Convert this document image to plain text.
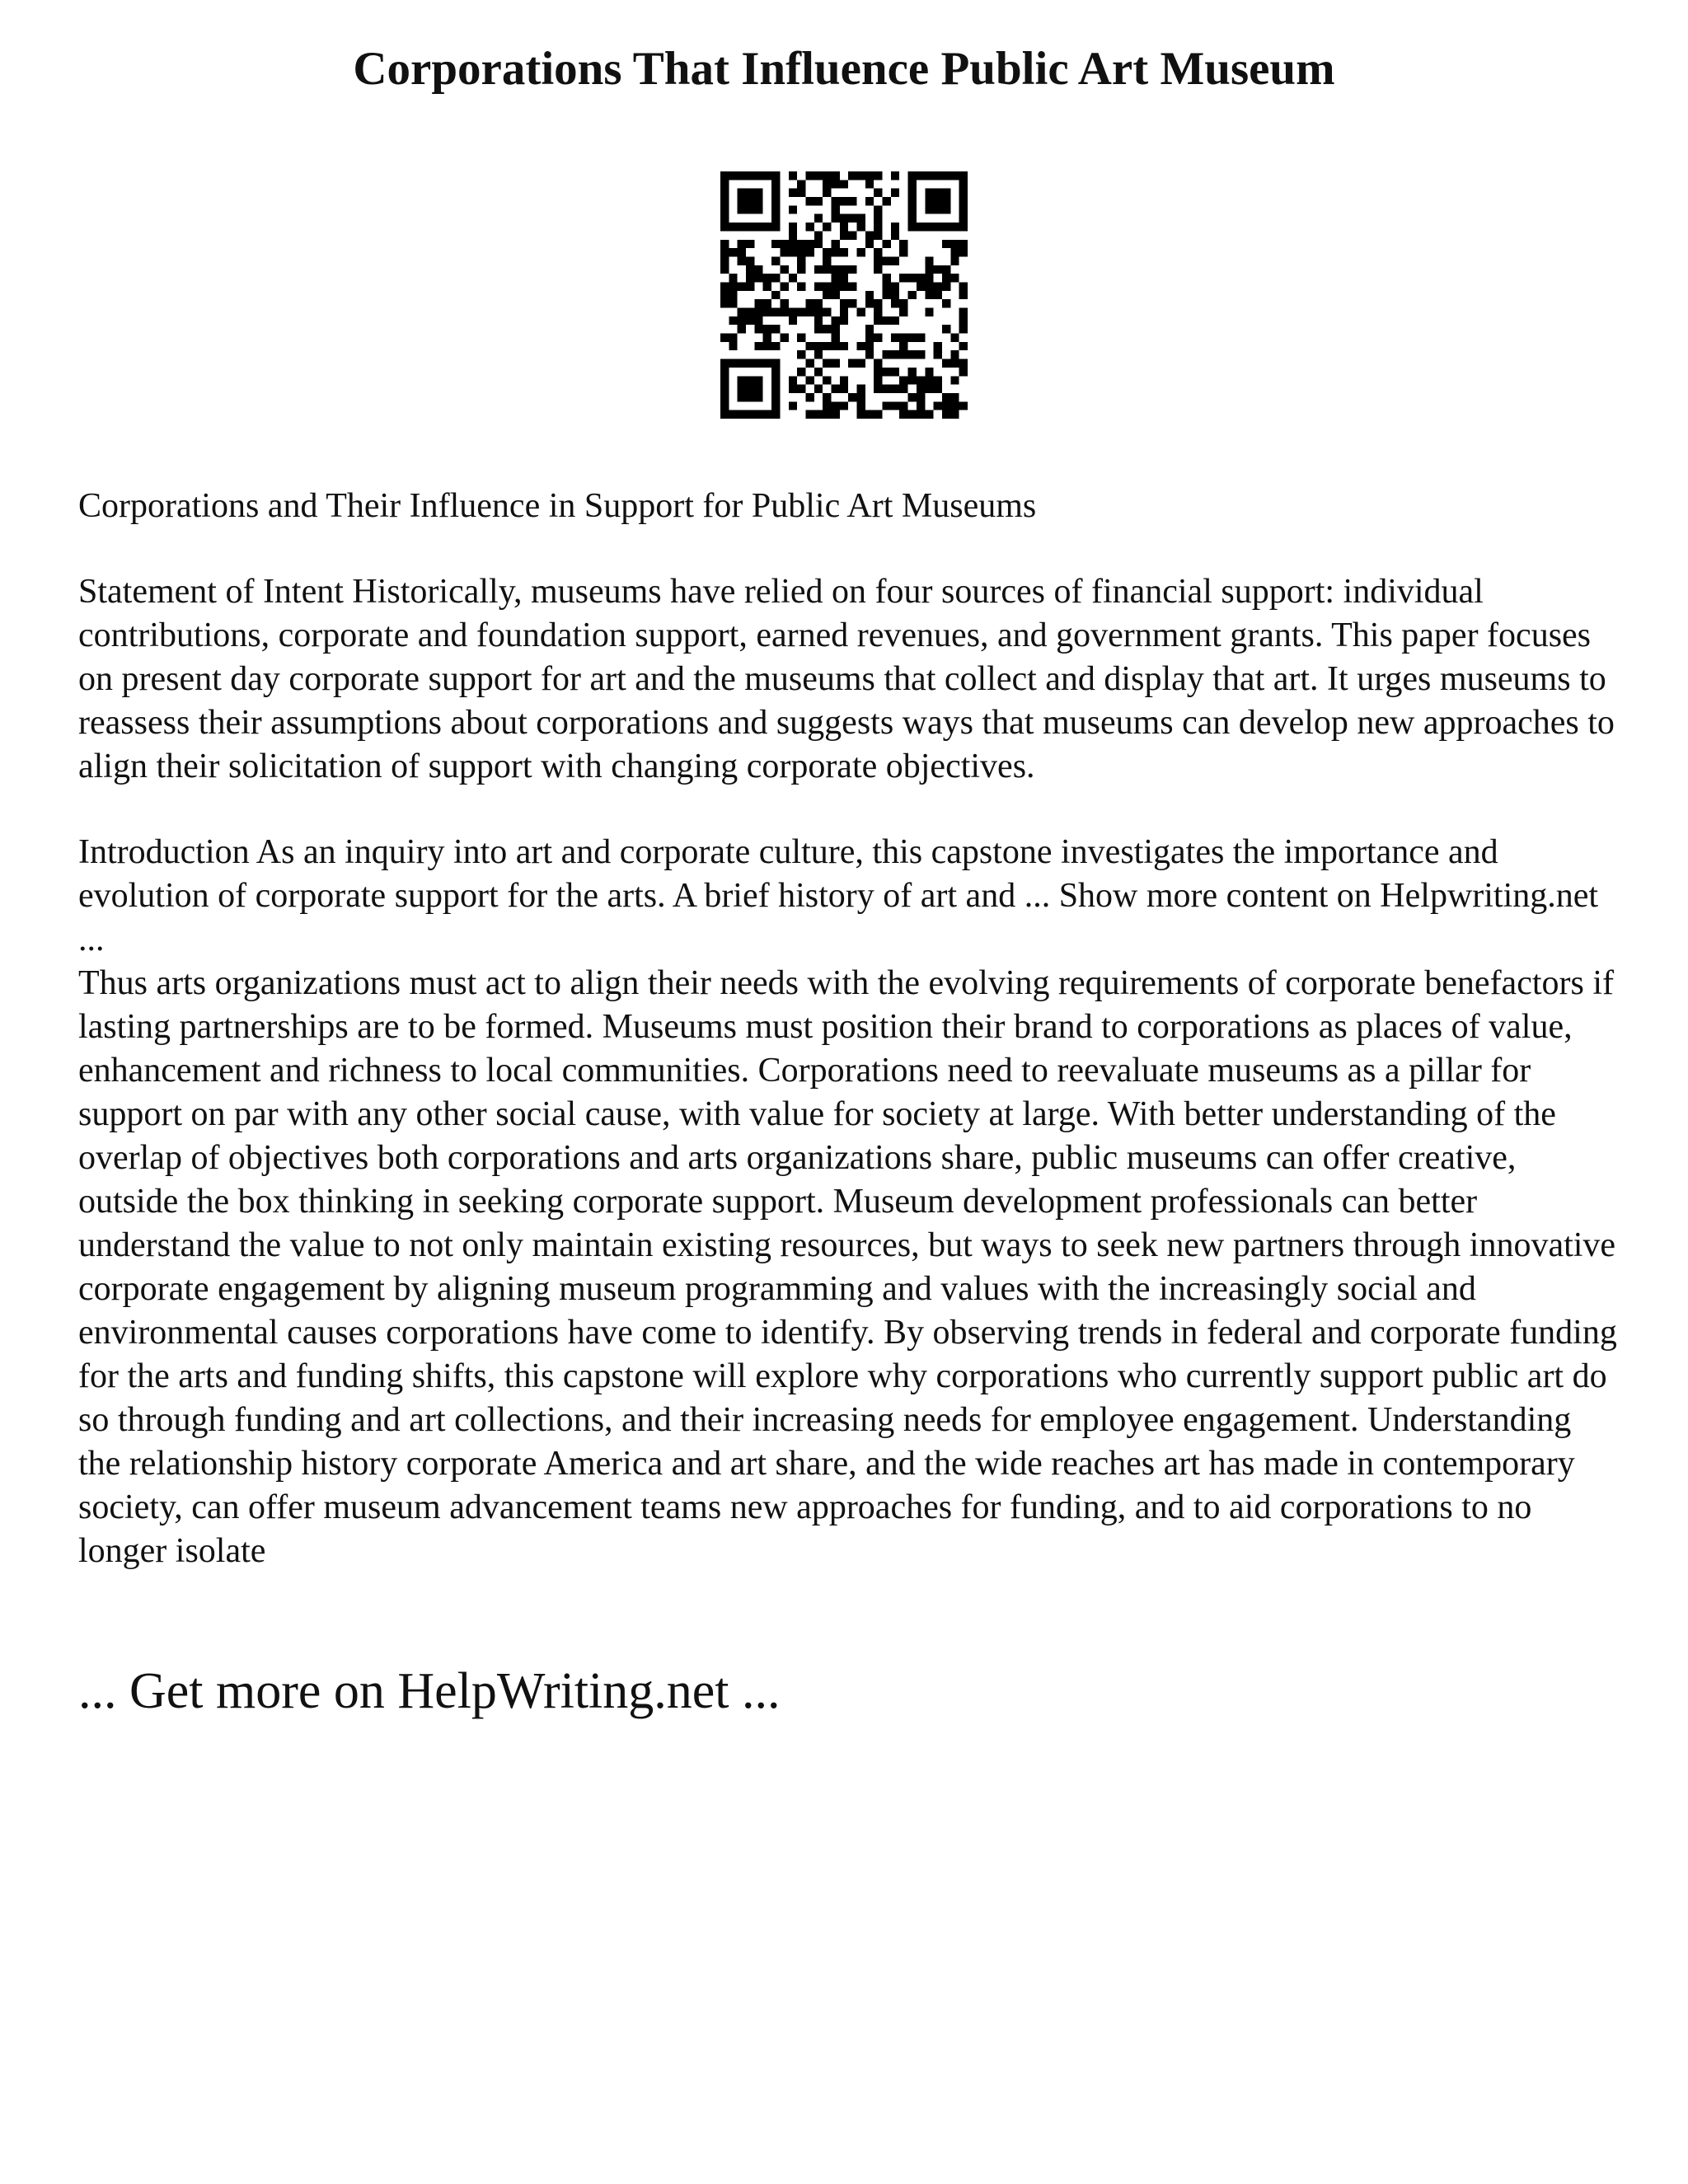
Corporations That Influence Public Art Museum

Corporations and Their Influence in Support for Public Art Museums

Statement of Intent Historically, museums have relied on four sources of financial support: individual contributions, corporate and foundation support, earned revenues, and government grants. This paper focuses on present day corporate support for art and the museums that collect and display that art. It urges museums to reassess their assumptions about corporations and suggests ways that museums can develop new approaches to align their solicitation of support with changing corporate objectives.

Introduction As an inquiry into art and corporate culture, this capstone investigates the importance and evolution of corporate support for the arts. A brief history of art and ... Show more content on Helpwriting.net ...

Thus arts organizations must act to align their needs with the evolving requirements of corporate benefactors if lasting partnerships are to be formed. Museums must position their brand to corporations as places of value, enhancement and richness to local communities. Corporations need to reevaluate museums as a pillar for support on par with any other social cause, with value for society at large. With better understanding of the overlap of objectives both corporations and arts organizations share, public museums can offer creative, outside the box thinking in seeking corporate support. Museum development professionals can better understand the value to not only maintain existing resources, but ways to seek new partners through innovative corporate engagement by aligning museum programming and values with the increasingly social and environmental causes corporations have come to identify. By observing trends in federal and corporate funding for the arts and funding shifts, this capstone will explore why corporations who currently support public art do so through funding and art collections, and their increasing needs for employee engagement. Understanding the relationship history corporate America and art share, and the wide reaches art has made in contemporary society, can offer museum advancement teams new approaches for funding, and to aid corporations to no longer isolate

... Get more on HelpWriting.net ...
